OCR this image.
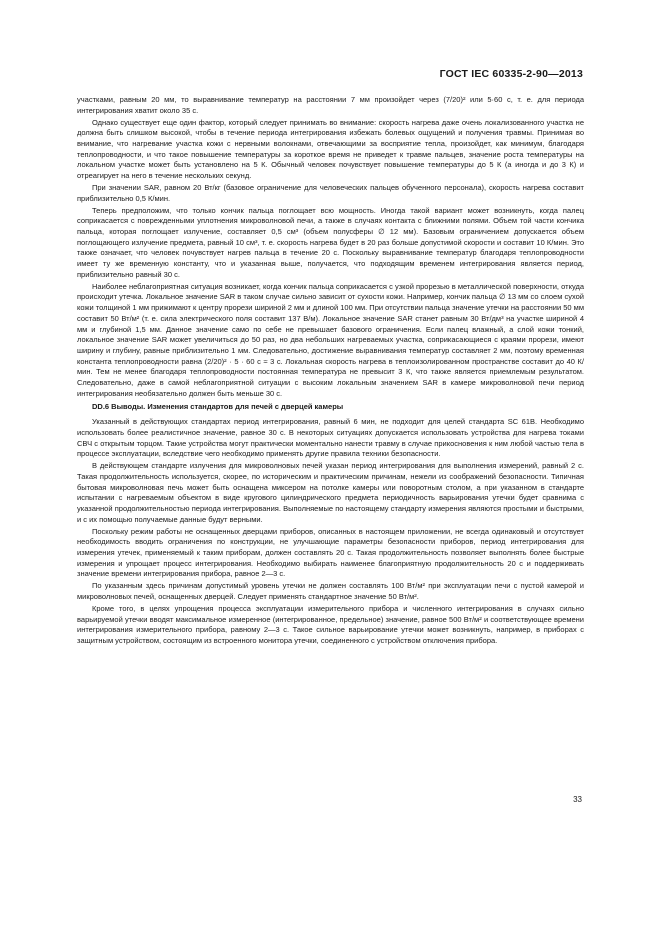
ГОСТ IEC 60335-2-90—2013

участками, равным 20 мм, то выравнивание температур на расстоянии 7 мм произойдет через (7/20)² или 5·60 с, т. е. для периода интегрирования хватит около 35 с.

Однако существует еще один фактор, который следует принимать во внимание: скорость нагрева даже очень локализованного участка не должна быть слишком высокой, чтобы в течение периода интегрирования избежать болевых ощущений и получения травмы. Принимая во внимание, что нагревание участка кожи с нервными волокнами, отвечающими за восприятие тепла, произойдет, как минимум, благодаря теплопроводности, и что такое повышение температуры за короткое время не приведет к травме пальцев, значение роста температуры на локальном участке может быть установлено на 5 К. Обычный человек почувствует повышение температуры до 5 К (а иногда и до 3 К) и отреагирует на него в течение нескольких секунд.

При значении SAR, равном 20 Вт/кг (базовое ограничение для человеческих пальцев обученного персонала), скорость нагрева составит приблизительно 0,5 К/мин.

Теперь предположим, что только кончик пальца поглощает всю мощность. Иногда такой вариант может возникнуть, когда палец соприкасается с поврежденными уплотнения микроволновой печи, а также в случаях контакта с ближними полями. Объем той части кончика пальца, которая поглощает излучение, составляет 0,5 см³ (объем полусферы ∅ 12 мм). Базовым ограничением допускается объем поглощающего излучение предмета, равный 10 см³, т. е. скорость нагрева будет в 20 раз больше допустимой скорости и составит 10 К/мин. Это также означает, что человек почувствует нагрев пальца в течение 20 с. Поскольку выравнивание температур благодаря теплопроводности имеет ту же временную константу, что и указанная выше, получается, что подходящим временем интегрирования является период, приблизительно равный 30 с.

Наиболее неблагоприятная ситуация возникает, когда кончик пальца соприкасается с узкой прорезью в металлической поверхности, откуда происходит утечка. Локальное значение SAR в таком случае сильно зависит от сухости кожи. Например, кончик пальца ∅ 13 мм со слоем сухой кожи толщиной 1 мм прижимают к центру прорези шириной 2 мм и длиной 100 мм. При отсутствии пальца значение утечки на расстоянии 50 мм составит 50 Вт/м² (т. е. сила электрического поля составит 137 В/м). Локальное значение SAR станет равным 30 Вт/дм³ на участке шириной 4 мм и глубиной 1,5 мм. Данное значение само по себе не превышает базового ограничения. Если палец влажный, а слой кожи тонкий, локальное значение SAR может увеличиться до 50 раз, но два небольших нагреваемых участка, соприкасающиеся с краями прорези, имеют ширину и глубину, равные приблизительно 1 мм. Следовательно, достижение выравнивания температур составляет 2 мм, поэтому временная константа теплопроводности равна (2/20)² · 5 · 60 с ≈ 3 с. Локальная скорость нагрева в теплоизолированном пространстве составит до 40 К/мин. Тем не менее благодаря теплопроводности постоянная температура не превысит 3 К, что также является приемлемым результатом. Следовательно, даже в самой неблагоприятной ситуации с высоким локальным значением SAR в камере микроволновой печи период интегрирования необязательно должен быть меньше 30 с.

DD.6 Выводы. Изменения стандартов для печей с дверцей камеры

Указанный в действующих стандартах период интегрирования, равный 6 мин, не подходит для целей стандарта SC 61B. Необходимо использовать более реалистичное значение, равное 30 с. В некоторых ситуациях допускается использовать устройства для нагрева токами СВЧ с открытым торцом. Такие устройства могут практически моментально нанести травму в случае прикосновения к ним любой частью тела в процессе эксплуатации, вследствие чего необходимо применять другие правила техники безопасности.

В действующем стандарте излучения для микроволновых печей указан период интегрирования для выполнения измерений, равный 2 с. Такая продолжительность используется, скорее, по историческим и практическим причинам, нежели из соображений безопасности. Типичная бытовая микроволновая печь может быть оснащена миксером на потолке камеры или поворотным столом, а при указанном в стандарте испытании с нагреваемым объектом в виде кругового цилиндрического предмета периодичность варьирования утечки будет сравнима с указанной продолжительностью периода интегрирования. Выполняемые по настоящему стандарту измерения являются простыми и быстрыми, и с их помощью получаемые данные будут верными.

Поскольку режим работы не оснащенных дверцами приборов, описанных в настоящем приложении, не всегда одинаковый и отсутствует необходимость вводить ограничения по конструкции, не улучшающие параметры безопасности приборов, период интегрирования для измерения утечек, применяемый к таким приборам, должен составлять 20 с. Такая продолжительность позволяет выполнять более быстрые измерения и упрощает процесс интегрирования. Необходимо выбирать наименее благоприятную продолжительность 20 с и поддерживать значение времени интегрирования прибора, равное 2—3 с.

По указанным здесь причинам допустимый уровень утечки не должен составлять 100 Вт/м² при эксплуатации печи с пустой камерой и микроволновых печей, оснащенных дверцей. Следует применять стандартное значение 50 Вт/м².

Кроме того, в целях упрощения процесса эксплуатации измерительного прибора и численного интегрирования в случаях сильно варьируемой утечки вводят максимальное измеренное (интегрированное, предельное) значение, равное 500 Вт/м² и соответствующее времени интегрирования измерительного прибора, равному 2—3 с. Такое сильное варьирование утечки может возникнуть, например, в приборах с защитным устройством, состоящим из встроенного монитора утечки, соединенного с устройством отключения прибора.

33
